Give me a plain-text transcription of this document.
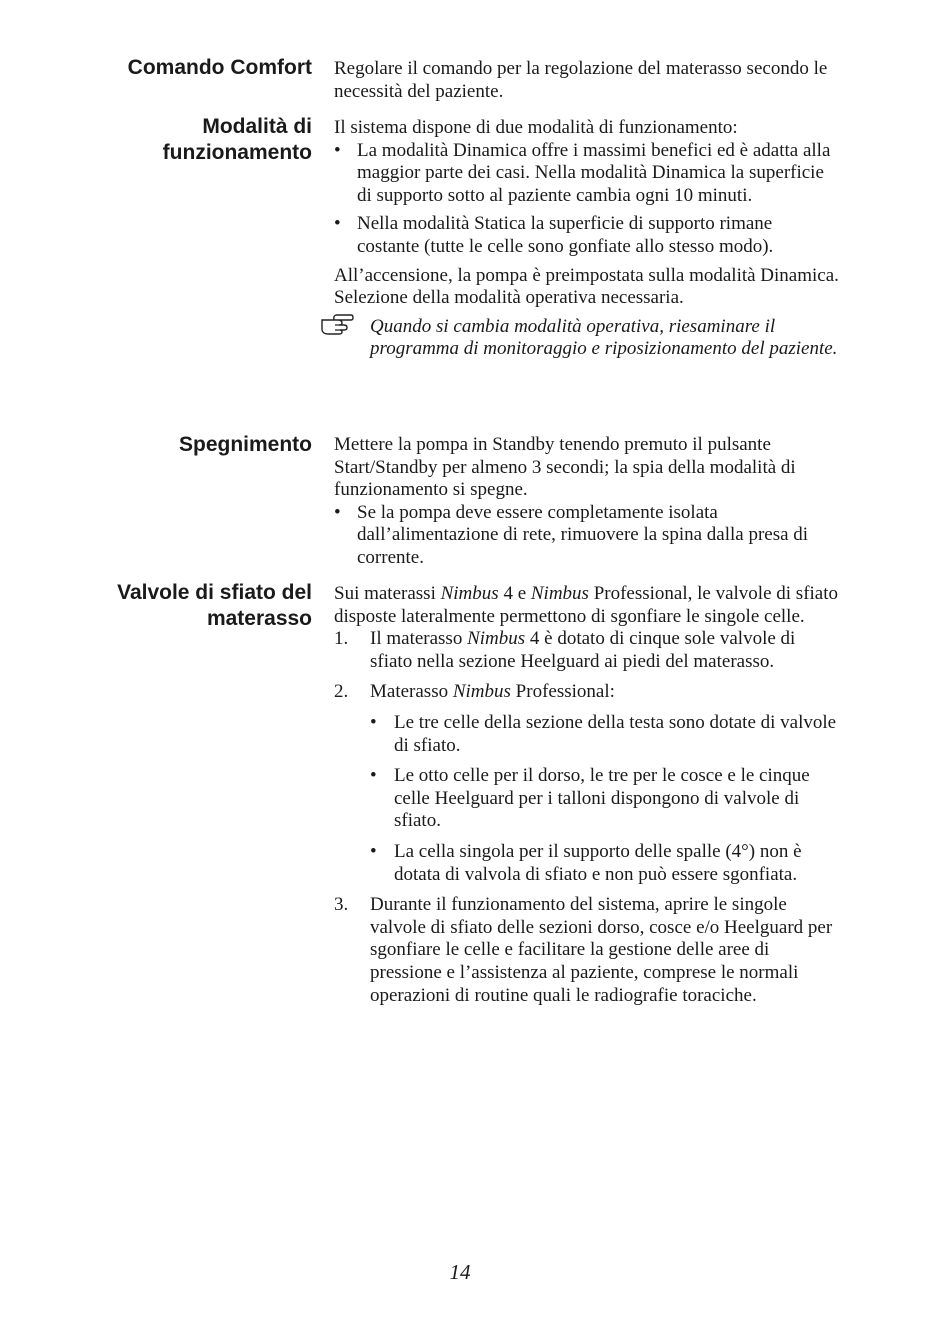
Comando Comfort Regolare il comando per la regolazione del materasso secondo le necessità del paziente.

Modalità di
funzionamento

Il sistema dispone di due modalità di funzionamento:

• La modalità Dinamica offre i massimi benefici ed è adatta alla maggior parte dei casi. Nella modalità Dinamica la superficie di supporto sotto al paziente cambia ogni 10 minuti.

• Nella modalità Statica la superficie di supporto rimane costante (tutte le celle sono gonfiate allo stesso modo).

All’accensione, la pompa è preimpostata sulla modalità Dinamica.

Selezione della modalità operativa necessaria.

Quando si cambia modalità operativa, riesaminare il programma di monitoraggio e riposizionamento del paziente.

Spegnimento Mettere la pompa in Standby tenendo premuto il pulsante Start/Standby per almeno 3 secondi; la spia della modalità di funzionamento si spegne.

• Se la pompa deve essere completamente isolata dall’alimentazione di rete, rimuovere la spina dalla presa di corrente.

Valvole di sfiato del
materasso

Sui materassi Nimbus 4 e Nimbus Professional, le valvole di sfiato disposte lateralmente permettono di sgonfiare le singole celle.

1. Il materasso Nimbus 4 è dotato di cinque sole valvole di sfiato nella sezione Heelguard ai piedi del materasso.

2. Materasso Nimbus Professional:

• Le tre celle della sezione della testa sono dotate di valvole di sfiato.

• Le otto celle per il dorso, le tre per le cosce e le cinque celle Heelguard per i talloni dispongono di valvole di sfiato.

• La cella singola per il supporto delle spalle (4°) non è dotata di valvola di sfiato e non può essere sgonfiata.

3. Durante il funzionamento del sistema, aprire le singole valvole di sfiato delle sezioni dorso, cosce e/o Heelguard per sgonfiare le celle e facilitare la gestione delle aree di pressione e l’assistenza al paziente, comprese le normali operazioni di routine quali le radiografie toraciche.

14
